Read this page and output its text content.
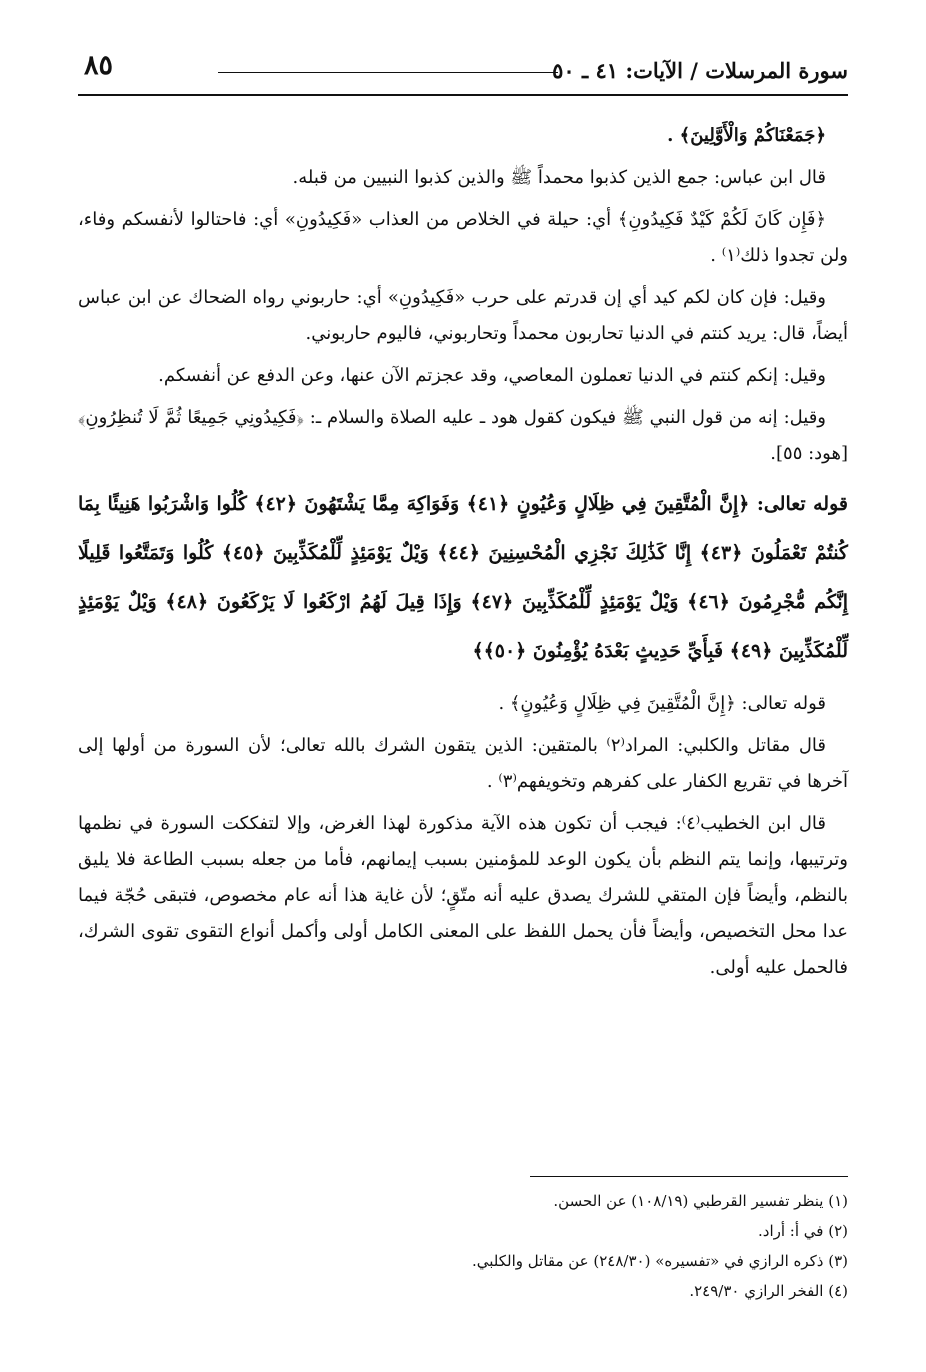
سورة المرسلات / الآيات: ٤١ ـ ٥٠
٨٥

﴿جَمَعْنَاكُمْ وَالْأَوَّلِينَ﴾ .

قال ابن عباس: جمع الذين كذبوا محمداً ﷺ والذين كذبوا النبيين من قبله.

﴿فَإِن كَانَ لَكُمْ كَيْدٌ فَكِيدُونِ﴾ أي: حيلة في الخلاص من العذاب «فَكِيدُونِ» أي: فاحتالوا لأنفسكم وفاء، ولن تجدوا ذلك⁽١⁾ .

وقيل: فإن كان لكم كيد أي إن قدرتم على حرب «فَكِيدُونِ» أي: حاربوني رواه الضحاك عن ابن عباس أيضاً، قال: يريد كنتم في الدنيا تحاربون محمداً وتحاربوني، فاليوم حاربوني.

وقيل: إنكم كنتم في الدنيا تعملون المعاصي، وقد عجزتم الآن عنها، وعن الدفع عن أنفسكم.

وقيل: إنه من قول النبي ﷺ فيكون كقول هود ـ عليه الصلاة والسلام ـ: ﴿فَكِيدُونِي جَمِيعًا ثُمَّ لَا تُنظِرُونِ﴾ [هود: ٥٥].

قوله تعالى: ﴿إِنَّ الْمُتَّقِينَ فِي ظِلَالٍ وَعُيُونٍ ﴿٤١﴾ وَفَوَاكِهَ مِمَّا يَشْتَهُونَ ﴿٤٢﴾ كُلُوا وَاشْرَبُوا هَنِيئًا بِمَا كُنتُمْ تَعْمَلُونَ ﴿٤٣﴾ إِنَّا كَذَٰلِكَ نَجْزِي الْمُحْسِنِينَ ﴿٤٤﴾ وَيْلٌ يَوْمَئِذٍ لِّلْمُكَذِّبِينَ ﴿٤٥﴾ كُلُوا وَتَمَتَّعُوا قَلِيلًا إِنَّكُم مُّجْرِمُونَ ﴿٤٦﴾ وَيْلٌ يَوْمَئِذٍ لِّلْمُكَذِّبِينَ ﴿٤٧﴾ وَإِذَا قِيلَ لَهُمُ ارْكَعُوا لَا يَرْكَعُونَ ﴿٤٨﴾ وَيْلٌ يَوْمَئِذٍ لِّلْمُكَذِّبِينَ ﴿٤٩﴾ فَبِأَيِّ حَدِيثٍ بَعْدَهُ يُؤْمِنُونَ ﴿٥٠﴾﴾

قوله تعالى: ﴿إِنَّ الْمُتَّقِينَ فِي ظِلَالٍ وَعُيُونٍ﴾ .

قال مقاتل والكلبي: المراد⁽٢⁾ بالمتقين: الذين يتقون الشرك بالله تعالى؛ لأن السورة من أولها إلى آخرها في تقريع الكفار على كفرهم وتخويفهم⁽٣⁾ .

قال ابن الخطيب⁽٤⁾: فيجب أن تكون هذه الآية مذكورة لهذا الغرض، وإلا لتفككت السورة في نظمها وترتيبها، وإنما يتم النظم بأن يكون الوعد للمؤمنين بسبب إيمانهم، فأما من جعله بسبب الطاعة فلا يليق بالنظم، وأيضاً فإن المتقي للشرك يصدق عليه أنه متّقٍ؛ لأن غاية هذا أنه عام مخصوص، فتبقى حُجّة فيما عدا محل التخصيص، وأيضاً فأن يحمل اللفظ على المعنى الكامل أولى وأكمل أنواع التقوى تقوى الشرك، فالحمل عليه أولى.

(١) ينظر تفسير القرطبي (١٠٨/١٩) عن الحسن.
(٢) في أ: أراد.
(٣) ذكره الرازي في «تفسيره» (٢٤٨/٣٠) عن مقاتل والكلبي.
(٤) الفخر الرازي ٢٤٩/٣٠.
